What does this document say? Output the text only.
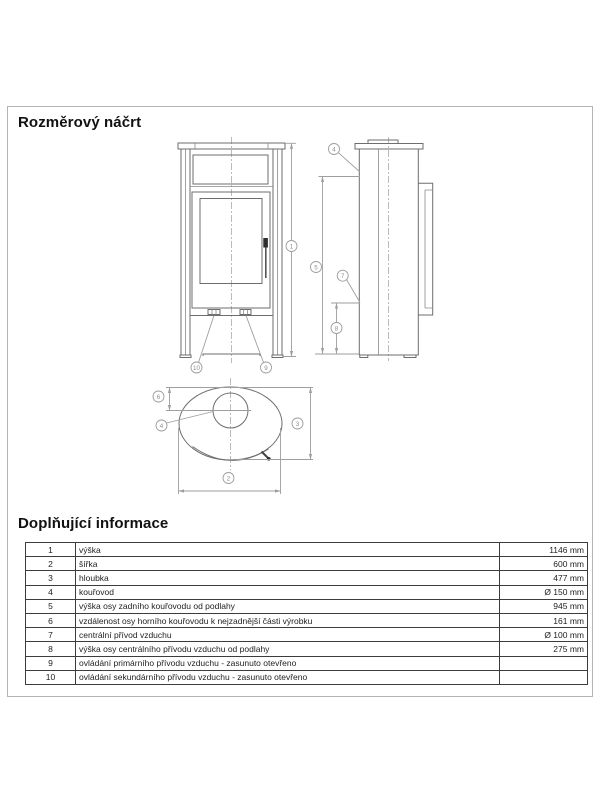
Rozměrový náčrt
1
10	9
4
5
7
8
6
4	3
2
Doplňující informace
1	výška	1146 mm
2	šířka	600 mm
3	hloubka	477 mm
4	kouřovod	Ø 150 mm
5	výška osy zadního kouřovodu od podlahy	945 mm
6	vzdálenost osy horního kouřovodu k nejzadnější části výrobku	161 mm
7	centrální přívod vzduchu	Ø 100 mm
8	výška osy centrálního přívodu vzduchu od podlahy	275 mm
9	ovládání primárního přívodu vzduchu - zasunuto otevřeno	
10	ovládání sekundárního přívodu vzduchu - zasunuto otevřeno	
